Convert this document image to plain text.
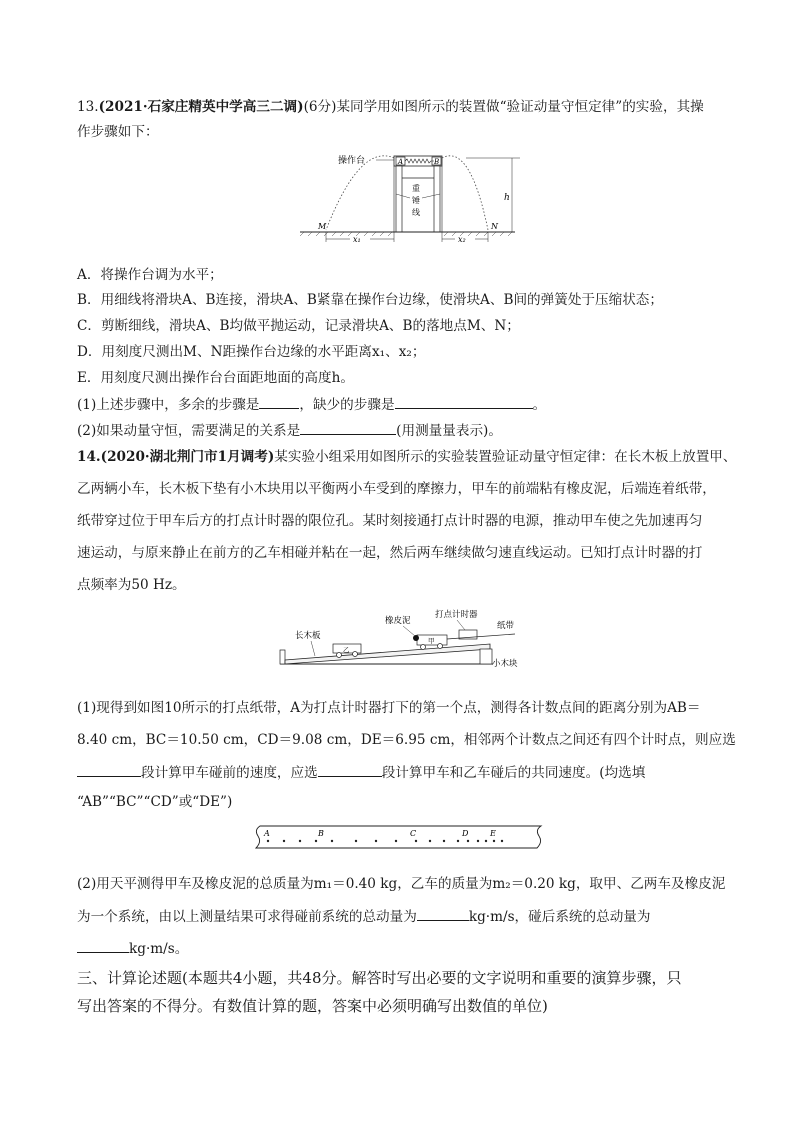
13.(2021·石家庄精英中学高三二调)(6分)某同学用如图所示的装置做“验证动量守恒定律”的实验，其操
作步骤如下：
操作台	A	B
重
锤
线
M	N
h
x₁	x₂
A．将操作台调为水平；
B．用细线将滑块A、B连接，滑块A、B紧靠在操作台边缘，使滑块A、B间的弹簧处于压缩状态；
C．剪断细线，滑块A、B均做平抛运动，记录滑块A、B的落地点M、N；
D．用刻度尺测出M、N距操作台边缘的水平距离x₁、x₂；
E．用刻度尺测出操作台台面距地面的高度h。
(1)上述步骤中，多余的步骤是	，缺少的步骤是	。
(2)如果动量守恒，需要满足的关系是	(用测量量表示)。
14.(2020·湖北荆门市1月调考)某实验小组采用如图所示的实验装置验证动量守恒定律：在长木板上放置甲、
乙两辆小车，长木板下垫有小木块用以平衡两小车受到的摩擦力，甲车的前端粘有橡皮泥，后端连着纸带，
纸带穿过位于甲车后方的打点计时器的限位孔。某时刻接通打点计时器的电源，推动甲车使之先加速再匀
速运动，与原来静止在前方的乙车相碰并粘在一起，然后两车继续做匀速直线运动。已知打点计时器的打
点频率为50 Hz。
小木块
长木板
乙
甲
橡皮泥
打点计时器
纸带
(1)现得到如图10所示的打点纸带，A为打点计时器打下的第一个点，测得各计数点间的距离分别为AB＝
8.40 cm，BC＝10.50 cm，CD＝9.08 cm，DE＝6.95 cm，相邻两个计数点之间还有四个计时点，则应选
段计算甲车碰前的速度，应选	段计算甲车和乙车碰后的共同速度。(均选填
“AB”“BC”“CD”或“DE”)
A	B	C	D	E
(2)用天平测得甲车及橡皮泥的总质量为m₁＝0.40 kg，乙车的质量为m₂＝0.20 kg，取甲、乙两车及橡皮泥
为一个系统，由以上测量结果可求得碰前系统的总动量为	kg·m/s，碰后系统的总动量为
kg·m/s。
三、计算论述题(本题共4小题，共48分。解答时写出必要的文字说明和重要的演算步骤，只
写出答案的不得分。有数值计算的题，答案中必须明确写出数值的单位)
